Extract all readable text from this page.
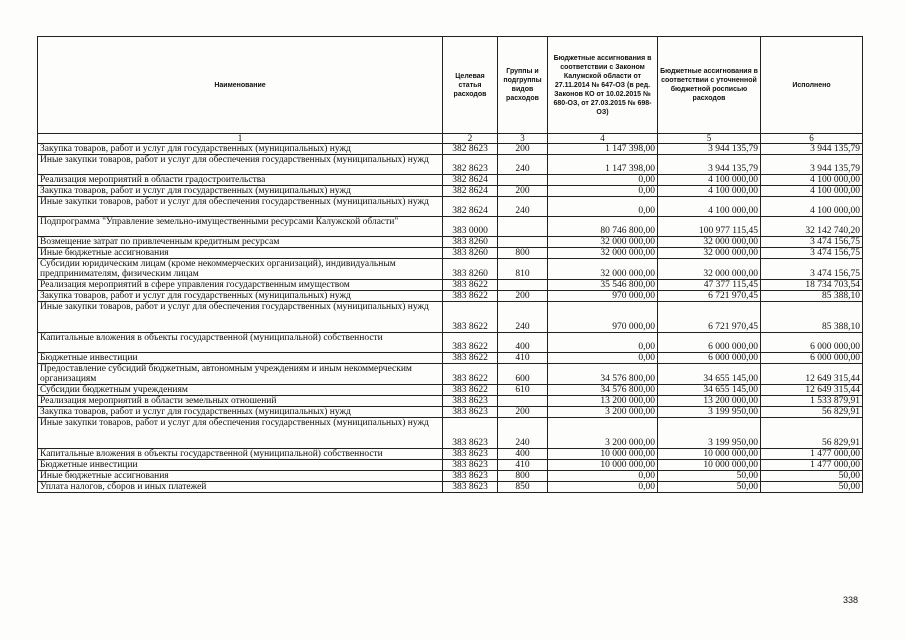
Наименование	Целевая статья расходов	Группы и подгруппы видов расходов	Бюджетные ассигнования в соответствии с Законом Калужской области от 27.11.2014 № 647-ОЗ (в ред. Законов КО от 10.02.2015 № 680-ОЗ, от 27.03.2015 № 698-ОЗ)	Бюджетные ассигнования в соответствии с уточненной бюджетной росписью расходов	Исполнено
1	2	3	4	5	6
Закупка товаров, работ и услуг для государственных (муниципальных) нужд	382 8623	200	1 147 398,00	3 944 135,79	3 944 135,79
Иные закупки товаров, работ и услуг для обеспечения государственных (муниципальных) нужд	382 8623	240	1 147 398,00	3 944 135,79	3 944 135,79
Реализация мероприятий в области градостроительства	382 8624		0,00	4 100 000,00	4 100 000,00
Закупка товаров, работ и услуг для государственных (муниципальных) нужд	382 8624	200	0,00	4 100 000,00	4 100 000,00
Иные закупки товаров, работ и услуг для обеспечения государственных (муниципальных) нужд	382 8624	240	0,00	4 100 000,00	4 100 000,00
Подпрограмма "Управление земельно-имущественными ресурсами Калужской области"	383 0000		80 746 800,00	100 977 115,45	32 142 740,20
Возмещение затрат по привлеченным кредитным ресурсам	383 8260		32 000 000,00	32 000 000,00	3 474 156,75
Иные бюджетные ассигнования	383 8260	800	32 000 000,00	32 000 000,00	3 474 156,75
Субсидии юридическим лицам (кроме некоммерческих организаций), индивидуальным предпринимателям, физическим лицам	383 8260	810	32 000 000,00	32 000 000,00	3 474 156,75
Реализация мероприятий в сфере управления государственным имуществом	383 8622		35 546 800,00	47 377 115,45	18 734 703,54
Закупка товаров, работ и услуг для государственных (муниципальных) нужд	383 8622	200	970 000,00	6 721 970,45	85 388,10
Иные закупки товаров, работ и услуг для обеспечения государственных (муниципальных) нужд	383 8622	240	970 000,00	6 721 970,45	85 388,10
Капитальные вложения в объекты государственной (муниципальной) собственности	383 8622	400	0,00	6 000 000,00	6 000 000,00
Бюджетные инвестиции	383 8622	410	0,00	6 000 000,00	6 000 000,00
Предоставление субсидий бюджетным, автономным учреждениям и иным некоммерческим организациям	383 8622	600	34 576 800,00	34 655 145,00	12 649 315,44
Субсидии бюджетным учреждениям	383 8622	610	34 576 800,00	34 655 145,00	12 649 315,44
Реализация мероприятий в области земельных отношений	383 8623		13 200 000,00	13 200 000,00	1 533 879,91
Закупка товаров, работ и услуг для государственных (муниципальных) нужд	383 8623	200	3 200 000,00	3 199 950,00	56 829,91
Иные закупки товаров, работ и услуг для обеспечения государственных (муниципальных) нужд	383 8623	240	3 200 000,00	3 199 950,00	56 829,91
Капитальные вложения в объекты государственной (муниципальной) собственности	383 8623	400	10 000 000,00	10 000 000,00	1 477 000,00
Бюджетные инвестиции	383 8623	410	10 000 000,00	10 000 000,00	1 477 000,00
Иные бюджетные ассигнования	383 8623	800	0,00	50,00	50,00
Уплата налогов, сборов и иных платежей	383 8623	850	0,00	50,00	50,00
338
